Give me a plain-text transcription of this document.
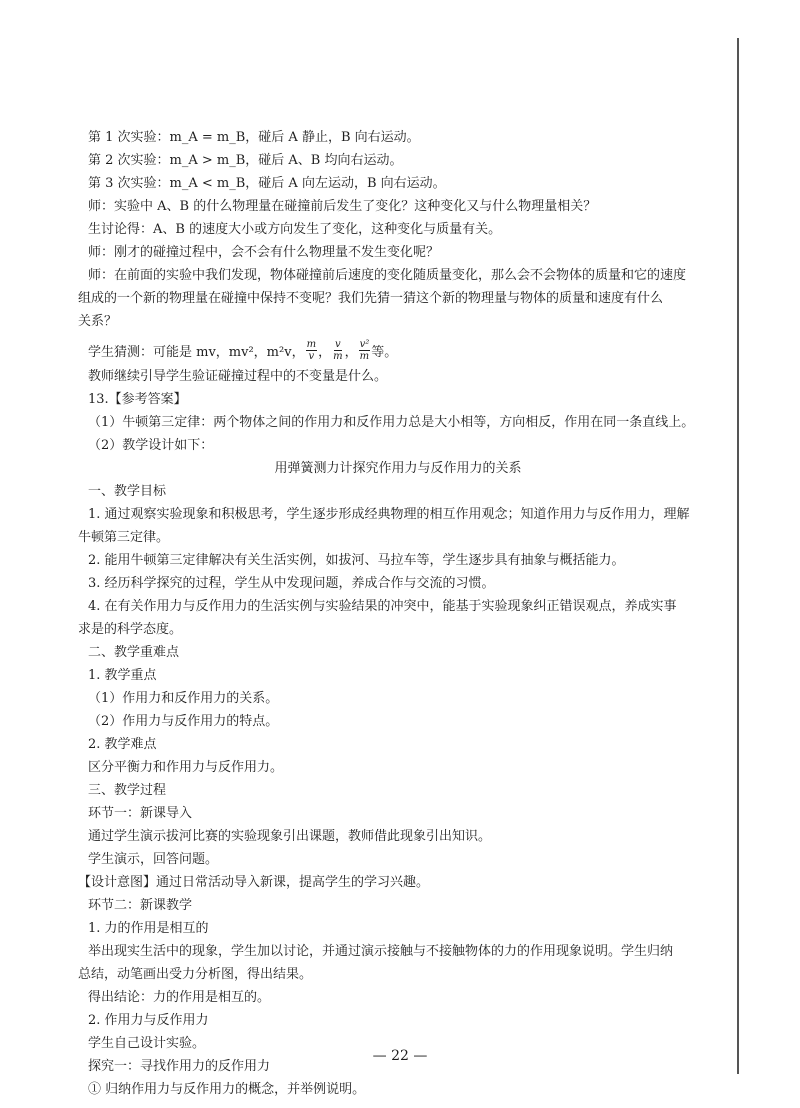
第 1 次实验：m_A = m_B，碰后 A 静止，B 向右运动。
第 2 次实验：m_A > m_B，碰后 A、B 均向右运动。
第 3 次实验：m_A < m_B，碰后 A 向左运动，B 向右运动。
师：实验中 A、B 的什么物理量在碰撞前后发生了变化？这种变化又与什么物理量相关？
生讨论得：A、B 的速度大小或方向发生了变化，这种变化与质量有关。
师：刚才的碰撞过程中，会不会有什么物理量不发生变化呢？
师：在前面的实验中我们发现，物体碰撞前后速度的变化随质量变化，那么会不会物体的质量和它的速度
组成的一个新的物理量在碰撞中保持不变呢？我们先猜一猜这个新的物理量与物体的质量和速度有什么
关系？
学生猜测：可能是 mv，mv²，m²v， $\frac{m}{v}$ ， $\frac{v}{m}$ ， $\frac{\text{v²}}{m}$ 等。
教师继续引导学生验证碰撞过程中的不变量是什么。
13.【参考答案】
（1）牛顿第三定律：两个物体之间的作用力和反作用力总是大小相等，方向相反，作用在同一条直线上。
（2）教学设计如下：
用弹簧测力计探究作用力与反作用力的关系
一、教学目标
1. 通过观察实验现象和积极思考，学生逐步形成经典物理的相互作用观念；知道作用力与反作用力，理解
牛顿第三定律。
2. 能用牛顿第三定律解决有关生活实例，如拔河、马拉车等，学生逐步具有抽象与概括能力。
3. 经历科学探究的过程，学生从中发现问题，养成合作与交流的习惯。
4. 在有关作用力与反作用力的生活实例与实验结果的冲突中，能基于实验现象纠正错误观点，养成实事
求是的科学态度。
二、教学重难点
1. 教学重点
（1）作用力和反作用力的关系。
（2）作用力与反作用力的特点。
2. 教学难点
区分平衡力和作用力与反作用力。
三、教学过程
环节一：新课导入
通过学生演示拔河比赛的实验现象引出课题，教师借此现象引出知识。
学生演示，回答问题。
【设计意图】通过日常活动导入新课，提高学生的学习兴趣。
环节二：新课教学
1. 力的作用是相互的
举出现实生活中的现象，学生加以讨论，并通过演示接触与不接触物体的力的作用现象说明。学生归纳
总结，动笔画出受力分析图，得出结果。
得出结论：力的作用是相互的。
2. 作用力与反作用力
学生自己设计实验。
探究一：寻找作用力的反作用力
① 归纳作用力与反作用力的概念，并举例说明。
— 22 —
